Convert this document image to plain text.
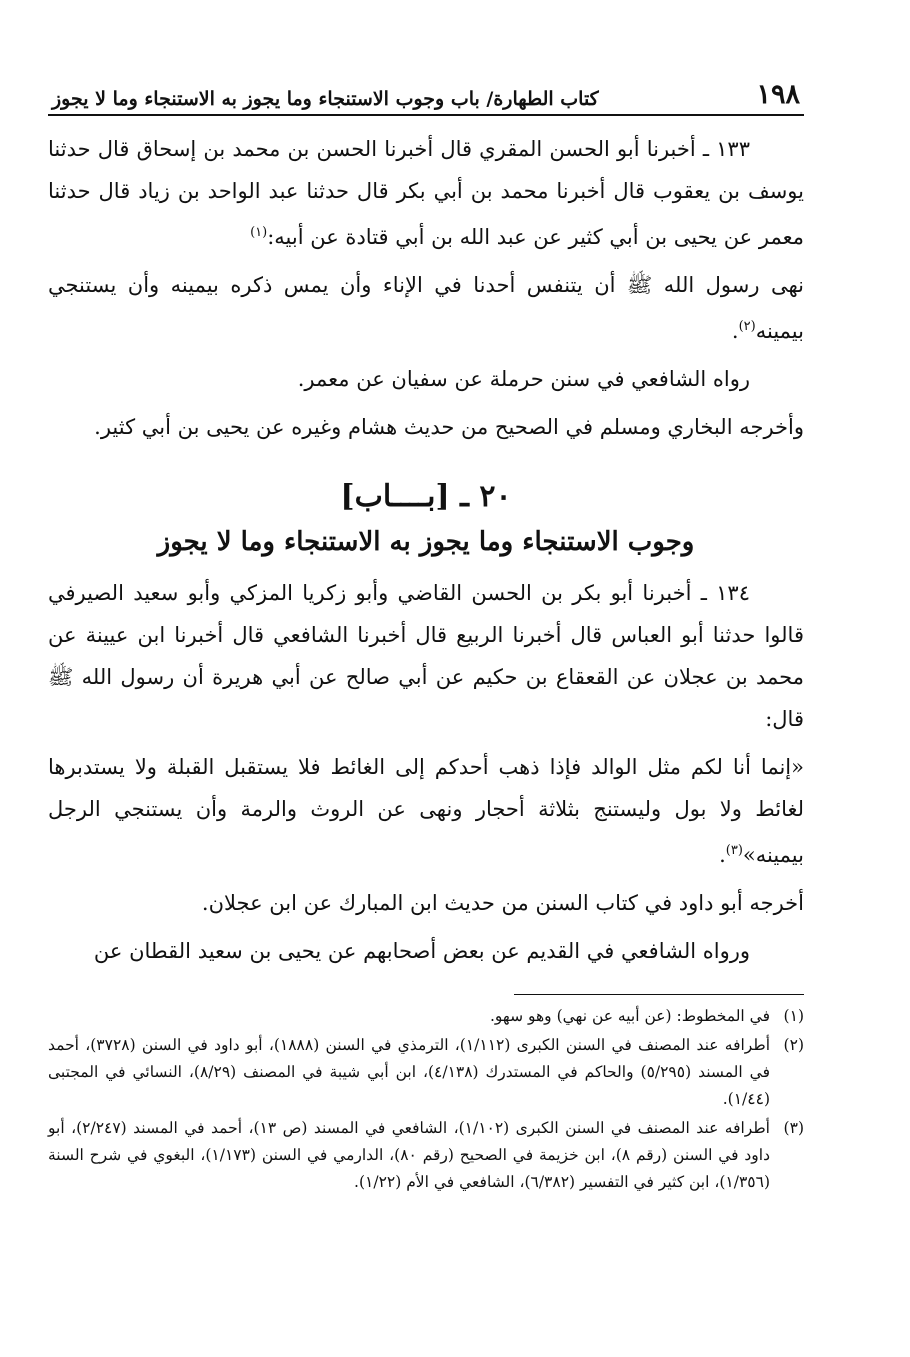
١٩٨
كتاب الطهارة/ باب وجوب الاستنجاء وما يجوز به الاستنجاء وما لا يجوز

١٣٣ ـ أخبرنا أبو الحسن المقري قال أخبرنا الحسن بن محمد بن إسحاق قال حدثنا يوسف بن يعقوب قال أخبرنا محمد بن أبي بكر قال حدثنا عبد الواحد بن زياد قال حدثنا معمر عن يحيى بن أبي كثير عن عبد الله بن أبي قتادة عن أبيه:$^{(١)}$

نهى رسول الله ﷺ أن يتنفس أحدنا في الإناء وأن يمس ذكره بيمينه وأن يستنجي بيمينه$^{(٢)}$.

رواه الشافعي في سنن حرملة عن سفيان عن معمر.

وأخرجه البخاري ومسلم في الصحيح من حديث هشام وغيره عن يحيى بن أبي كثير.

٢٠ ـ [بــــاب]
وجوب الاستنجاء وما يجوز به الاستنجاء وما لا يجوز

١٣٤ ـ أخبرنا أبو بكر بن الحسن القاضي وأبو زكريا المزكي وأبو سعيد الصيرفي قالوا حدثنا أبو العباس قال أخبرنا الربيع قال أخبرنا الشافعي قال أخبرنا ابن عيينة عن محمد بن عجلان عن القعقاع بن حكيم عن أبي صالح عن أبي هريرة أن رسول الله ﷺ قال:

«إنما أنا لكم مثل الوالد فإذا ذهب أحدكم إلى الغائط فلا يستقبل القبلة ولا يستدبرها لغائط ولا بول وليستنج بثلاثة أحجار ونهى عن الروث والرمة وأن يستنجي الرجل بيمينه»$^{(٣)}$.

أخرجه أبو داود في كتاب السنن من حديث ابن المبارك عن ابن عجلان.

ورواه الشافعي في القديم عن بعض أصحابهم عن يحيى بن سعيد القطان عن

(١)
في المخطوط: (عن أبيه عن نهي) وهو سهو.
(٢)
أطرافه عند المصنف في السنن الكبرى (١/١١٢)، الترمذي في السنن (١٨٨٨)، أبو داود في السنن (٣٧٢٨)، أحمد في المسند (٥/٢٩٥) والحاكم في المستدرك (٤/١٣٨)، ابن أبي شيبة في المصنف (٨/٢٩)، النسائي في المجتبى (١/٤٤).
(٣)
أطرافه عند المصنف في السنن الكبرى (١/١٠٢)، الشافعي في المسند (ص ١٣)، أحمد في المسند (٢/٢٤٧)، أبو داود في السنن (رقم ٨)، ابن خزيمة في الصحيح (رقم ٨٠)، الدارمي في السنن (١/١٧٣)، البغوي في شرح السنة (١/٣٥٦)، ابن كثير في التفسير (٦/٣٨٢)، الشافعي في الأم (١/٢٢).
